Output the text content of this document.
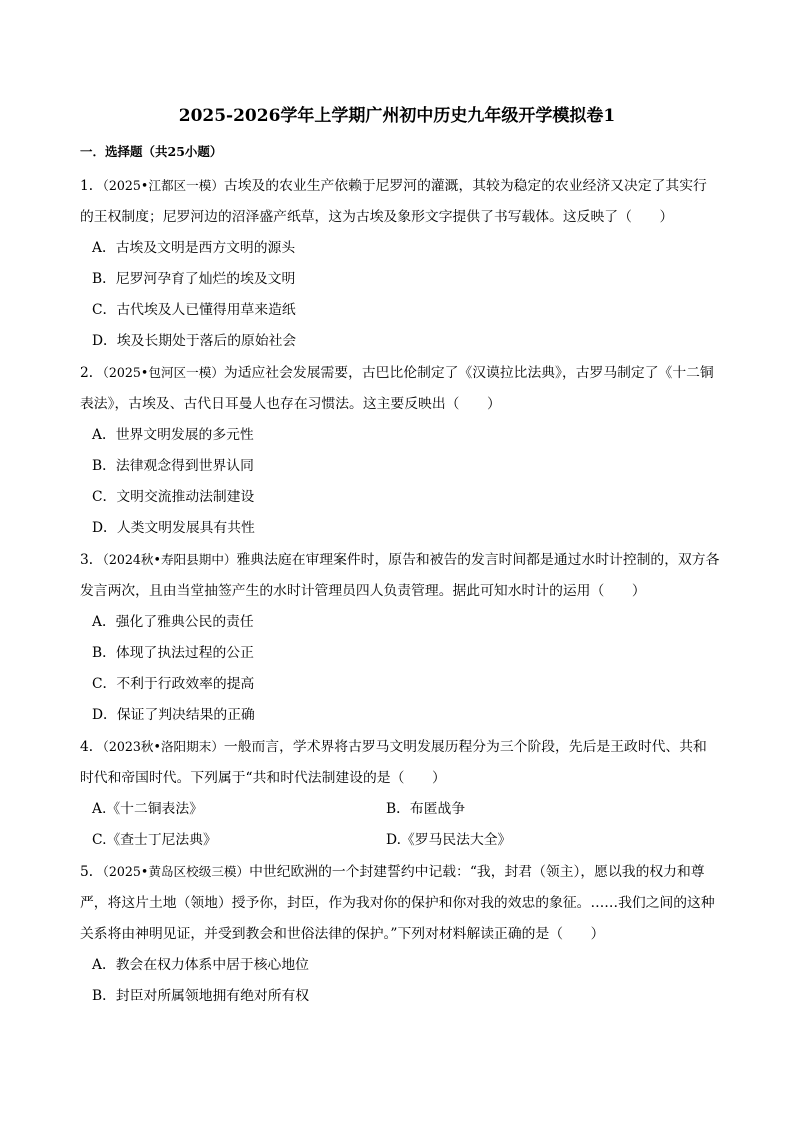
2025-2026学年上学期广州初中历史九年级开学模拟卷1
一．选择题（共25小题）

1．（2025•江都区一模）古埃及的农业生产依赖于尼罗河的灌溉，其较为稳定的农业经济又决定了其实行的王权制度；尼罗河边的沼泽盛产纸草，这为古埃及象形文字提供了书写载体。这反映了（　　）

A．古埃及文明是西方文明的源头
B．尼罗河孕育了灿烂的埃及文明
C．古代埃及人已懂得用草来造纸
D．埃及长期处于落后的原始社会

2．（2025•包河区一模）为适应社会发展需要，古巴比伦制定了《汉谟拉比法典》，古罗马制定了《十二铜表法》，古埃及、古代日耳曼人也存在习惯法。这主要反映出（　　）

A．世界文明发展的多元性
B．法律观念得到世界认同
C．文明交流推动法制建设
D．人类文明发展具有共性

3．（2024秋•寿阳县期中）雅典法庭在审理案件时，原告和被告的发言时间都是通过水时计控制的，双方各发言两次，且由当堂抽签产生的水时计管理员四人负责管理。据此可知水时计的运用（　　）

A．强化了雅典公民的责任
B．体现了执法过程的公正
C．不利于行政效率的提高
D．保证了判决结果的正确

4．（2023秋•洛阳期末）一般而言，学术界将古罗马文明发展历程分为三个阶段，先后是王政时代、共和时代和帝国时代。下列属于“共和时代法制建设的是（　　）

A.《十二铜表法》	B．布匿战争
C.《查士丁尼法典》	D.《罗马民法大全》

5．（2025•黄岛区校级三模）中世纪欧洲的一个封建誓约中记载：“我，封君（领主），愿以我的权力和尊严，将这片土地（领地）授予你，封臣，作为我对你的保护和你对我的效忠的象征。……我们之间的这种关系将由神明见证，并受到教会和世俗法律的保护。”下列对材料解读正确的是（　　）

A．教会在权力体系中居于核心地位
B．封臣对所属领地拥有绝对所有权
